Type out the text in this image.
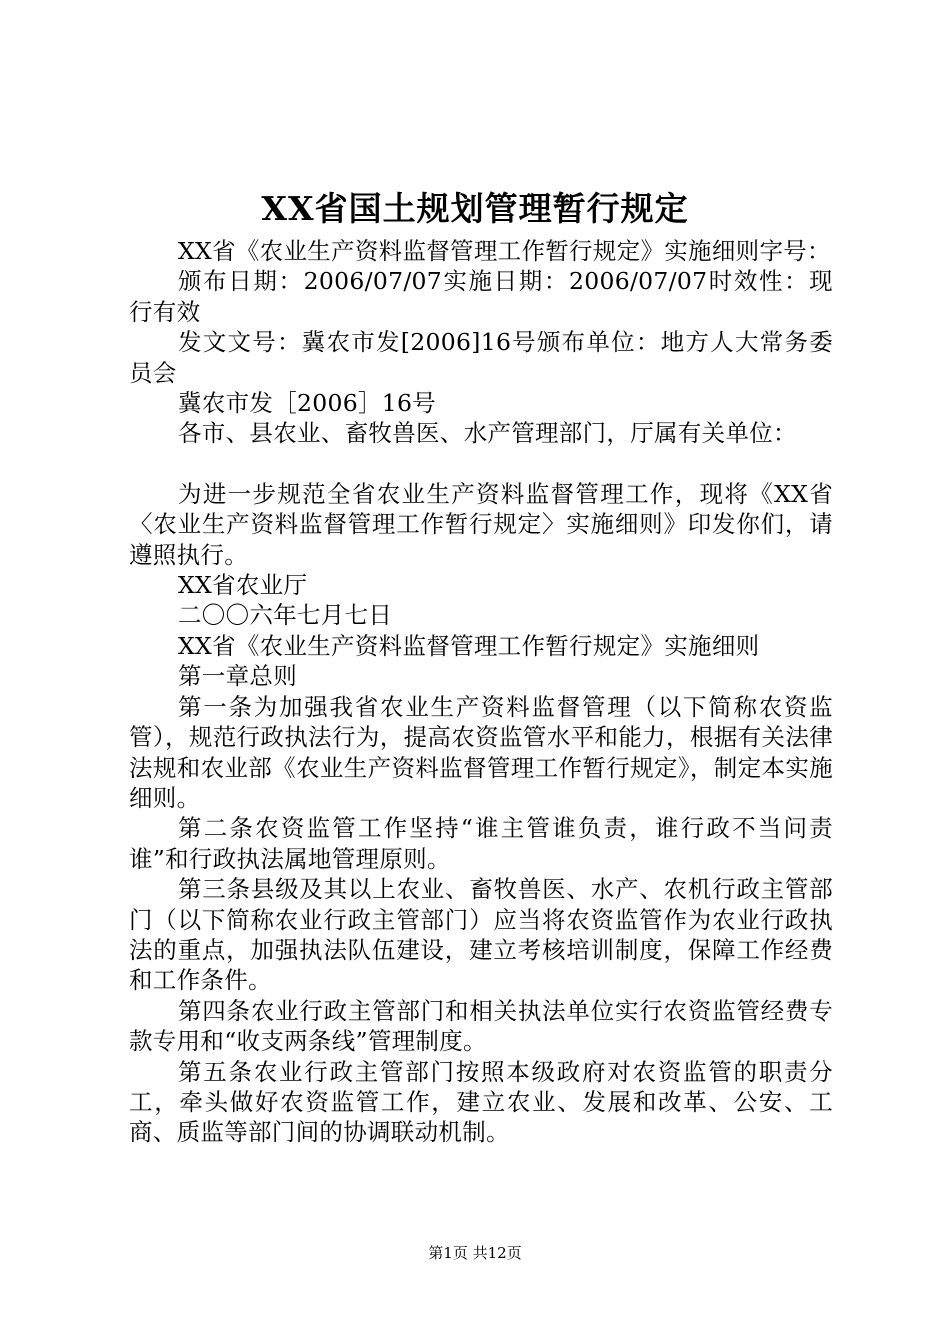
XX省国土规划管理暂行规定

XX省《农业生产资料监督管理工作暂行规定》实施细则字号：

颁布日期：2006/07/07实施日期：2006/07/07时效性：现行有效

发文文号：冀农市发[2006]16号颁布单位：地方人大常务委员会

冀农市发［2006］16号

各市、县农业、畜牧兽医、水产管理部门，厅属有关单位：

为进一步规范全省农业生产资料监督管理工作，现将《XX省〈农业生产资料监督管理工作暂行规定〉实施细则》印发你们，请遵照执行。

XX省农业厅

二〇〇六年七月七日

XX省《农业生产资料监督管理工作暂行规定》实施细则

第一章总则

第一条为加强我省农业生产资料监督管理（以下简称农资监管），规范行政执法行为，提高农资监管水平和能力，根据有关法律法规和农业部《农业生产资料监督管理工作暂行规定》，制定本实施细则。

第二条农资监管工作坚持“谁主管谁负责，谁行政不当问责谁”和行政执法属地管理原则。

第三条县级及其以上农业、畜牧兽医、水产、农机行政主管部门（以下简称农业行政主管部门）应当将农资监管作为农业行政执法的重点，加强执法队伍建设，建立考核培训制度，保障工作经费和工作条件。

第四条农业行政主管部门和相关执法单位实行农资监管经费专款专用和“收支两条线”管理制度。

第五条农业行政主管部门按照本级政府对农资监管的职责分工，牵头做好农资监管工作，建立农业、发展和改革、公安、工商、质监等部门间的协调联动机制。

第1页 共12页
